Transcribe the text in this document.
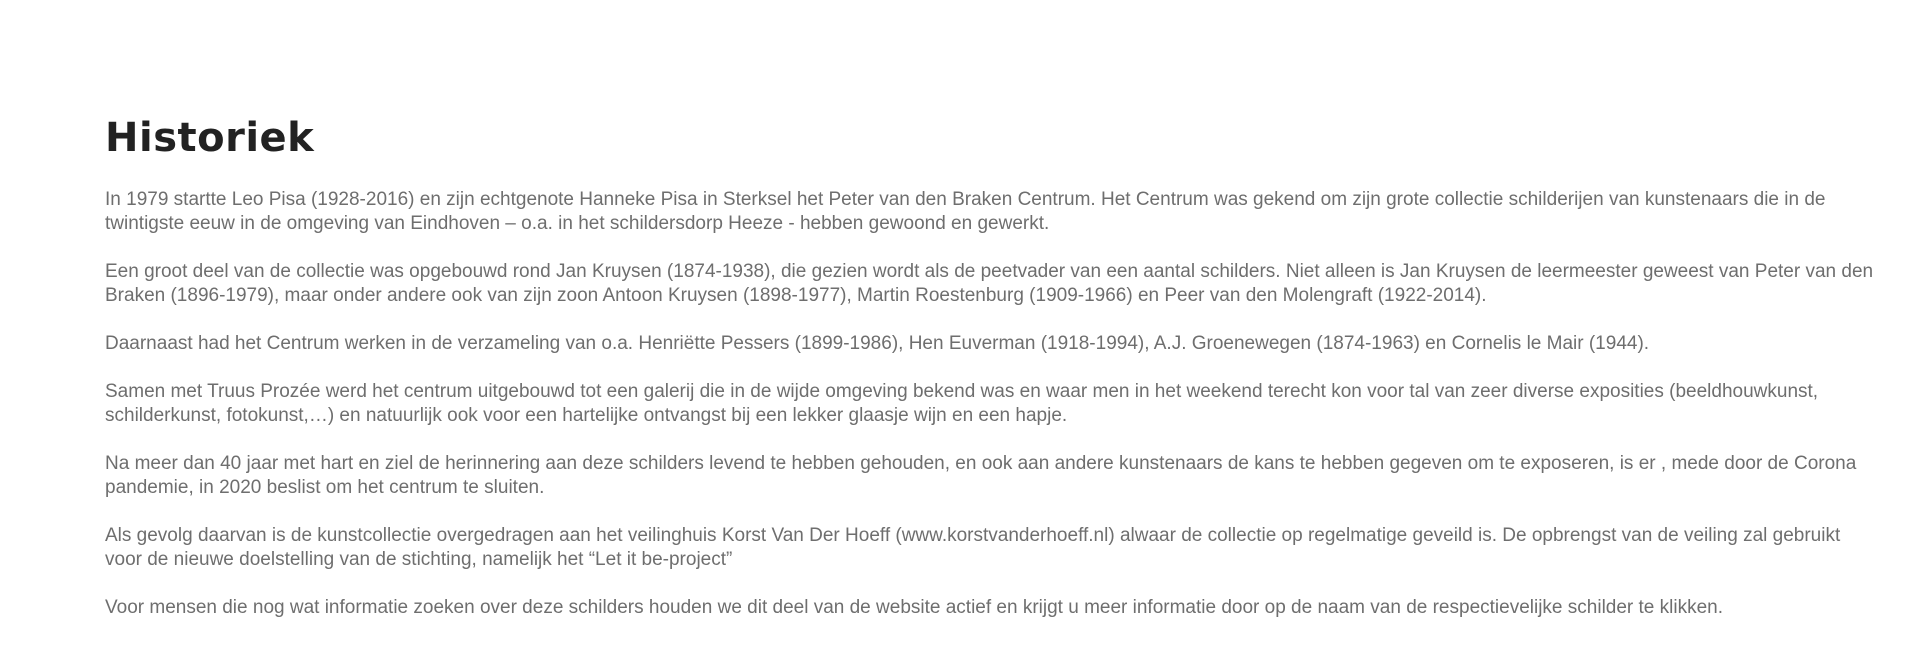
Historiek

In 1979 startte Leo Pisa (1928-2016) en zijn echtgenote Hanneke Pisa in Sterksel het Peter van den Braken Centrum. Het Centrum was gekend om zijn grote collectie schilderijen van kunstenaars die in de twintigste eeuw in de omgeving van Eindhoven – o.a. in het schildersdorp Heeze - hebben gewoond en gewerkt.

Een groot deel van de collectie was opgebouwd rond Jan Kruysen (1874-1938), die gezien wordt als de peetvader van een aantal schilders. Niet alleen is Jan Kruysen de leermeester geweest van Peter van den Braken (1896-1979), maar onder andere ook van zijn zoon Antoon Kruysen (1898-1977), Martin Roestenburg (1909-1966) en Peer van den Molengraft (1922-2014).

Daarnaast had het Centrum werken in de verzameling van o.a. Henriëtte Pessers (1899-1986), Hen Euverman (1918-1994), A.J. Groenewegen (1874-1963) en Cornelis le Mair (1944).

Samen met Truus Prozée werd het centrum uitgebouwd tot een galerij die in de wijde omgeving bekend was en waar men in het weekend terecht kon voor tal van zeer diverse exposities (beeldhouwkunst, schilderkunst, fotokunst,…) en natuurlijk ook voor een hartelijke ontvangst bij een lekker glaasje wijn en een hapje.

Na meer dan 40 jaar met hart en ziel de herinnering aan deze schilders levend te hebben gehouden, en ook aan andere kunstenaars de kans te hebben gegeven om te exposeren, is er , mede door de Corona pandemie, in 2020 beslist om het centrum te sluiten.

Als gevolg daarvan is de kunstcollectie overgedragen aan het veilinghuis Korst Van Der Hoeff (www.korstvanderhoeff.nl) alwaar de collectie op regelmatige geveild is. De opbrengst van de veiling zal gebruikt voor de nieuwe doelstelling van de stichting, namelijk het “Let it be-project”

Voor mensen die nog wat informatie zoeken over deze schilders houden we dit deel van de website actief en krijgt u meer informatie door op de naam van de respectievelijke schilder te klikken.
